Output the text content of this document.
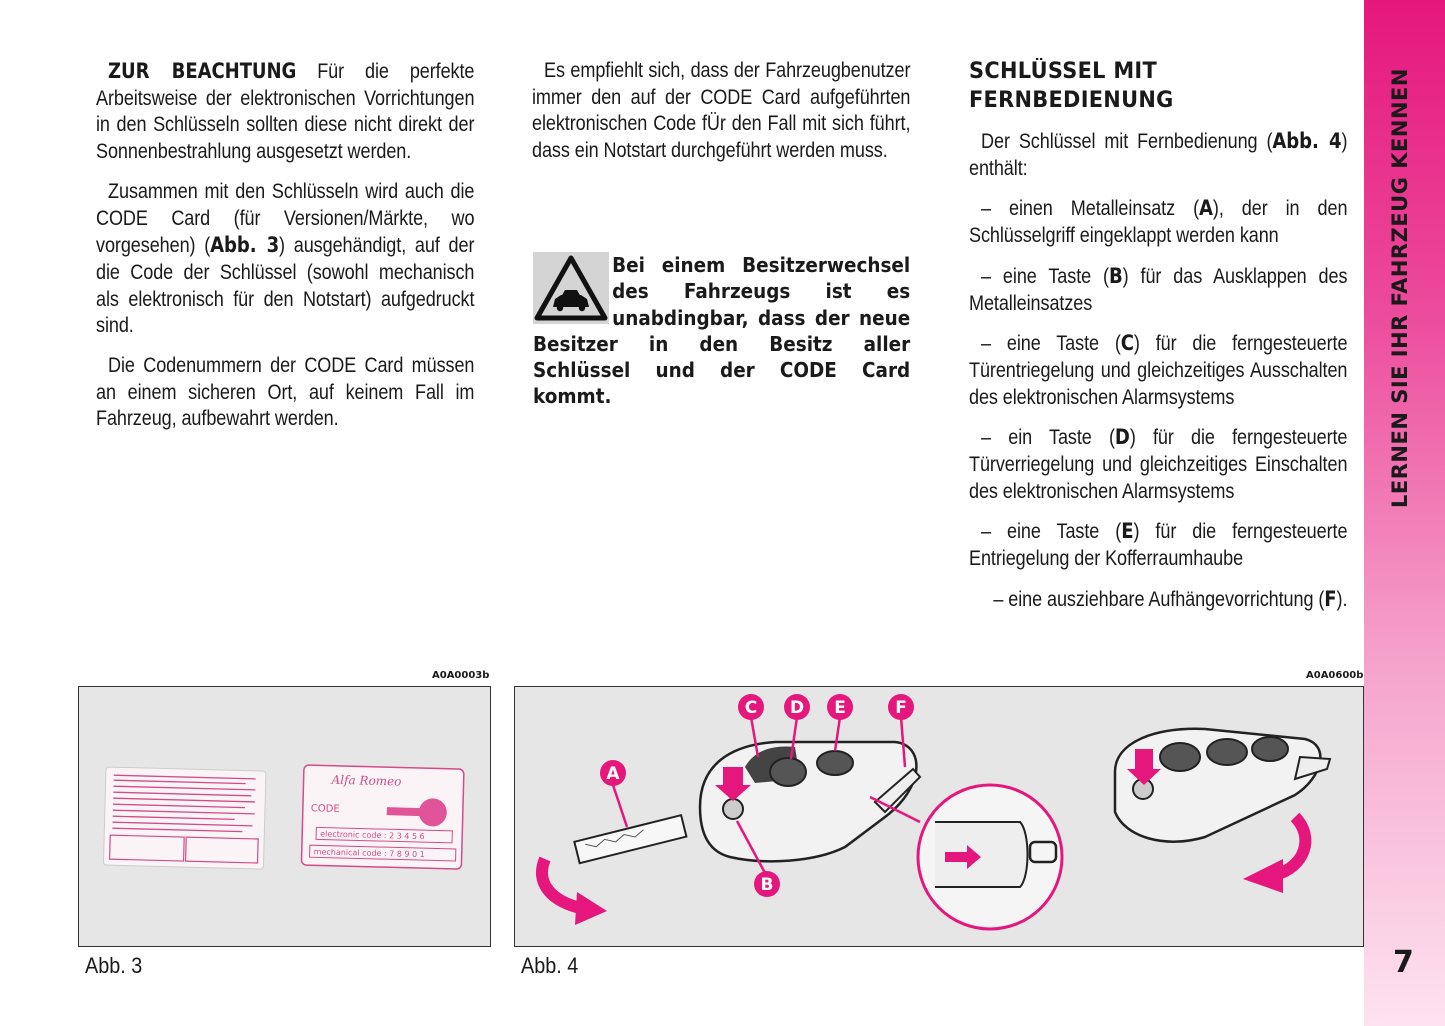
ZUR BEACHTUNG Für die perfekte Arbeitsweise der elektronischen Vorrichtungen in den Schlüsseln sollten diese nicht direkt der Sonnenbestrahlung ausgesetzt werden.

Zusammen mit den Schlüsseln wird auch die CODE Card (für Versionen/Märkte, wo vorgesehen) (Abb. 3) ausgehändigt, auf der die Code der Schlüssel (sowohl mechanisch als elektronisch für den Notstart) aufgedruckt sind.

Die Codenummern der CODE Card müssen an einem sicheren Ort, auf keinem Fall im Fahrzeug, aufbewahrt werden.

Es empfiehlt sich, dass der Fahrzeugbenutzer immer den auf der CODE Card aufgeführten elektronischen Code fÜr den Fall mit sich führt, dass ein Notstart durchgeführt werden muss.

Bei einem Besitzerwechsel des Fahrzeugs ist es unabdingbar, dass der neue Besitzer in den Besitz aller Schlüssel und der CODE Card kommt.
SCHLÜSSEL MIT
FERNBEDIENUNG

Der Schlüssel mit Fernbedienung (Abb. 4) enthält:

– einen Metalleinsatz (A), der in den Schlüsselgriff eingeklappt werden kann

– eine Taste (B) für das Ausklappen des Metalleinsatzes

– eine Taste (C) für die ferngesteuerte Türentriegelung und gleichzeitiges Ausschalten des elektronischen Alarmsystems

– ein Taste (D) für die ferngesteuerte Türverriegelung und gleichzeitiges Einschalten des elektronischen Alarmsystems

– eine Taste (E) für die ferngesteuerte Entriegelung der Kofferraumhaube

– eine ausziehbare Aufhängevorrichtung (F).

LERNEN SIE IHR FAHRZEUG KENNEN
7
A0A0003b
Alfa Romeo
CODE
electronic code : 2 3 4 5 6
mechanical code : 7 8 9 0 1
Abb. 3
A0A0600b
A
B
C D E	F
Abb. 4
